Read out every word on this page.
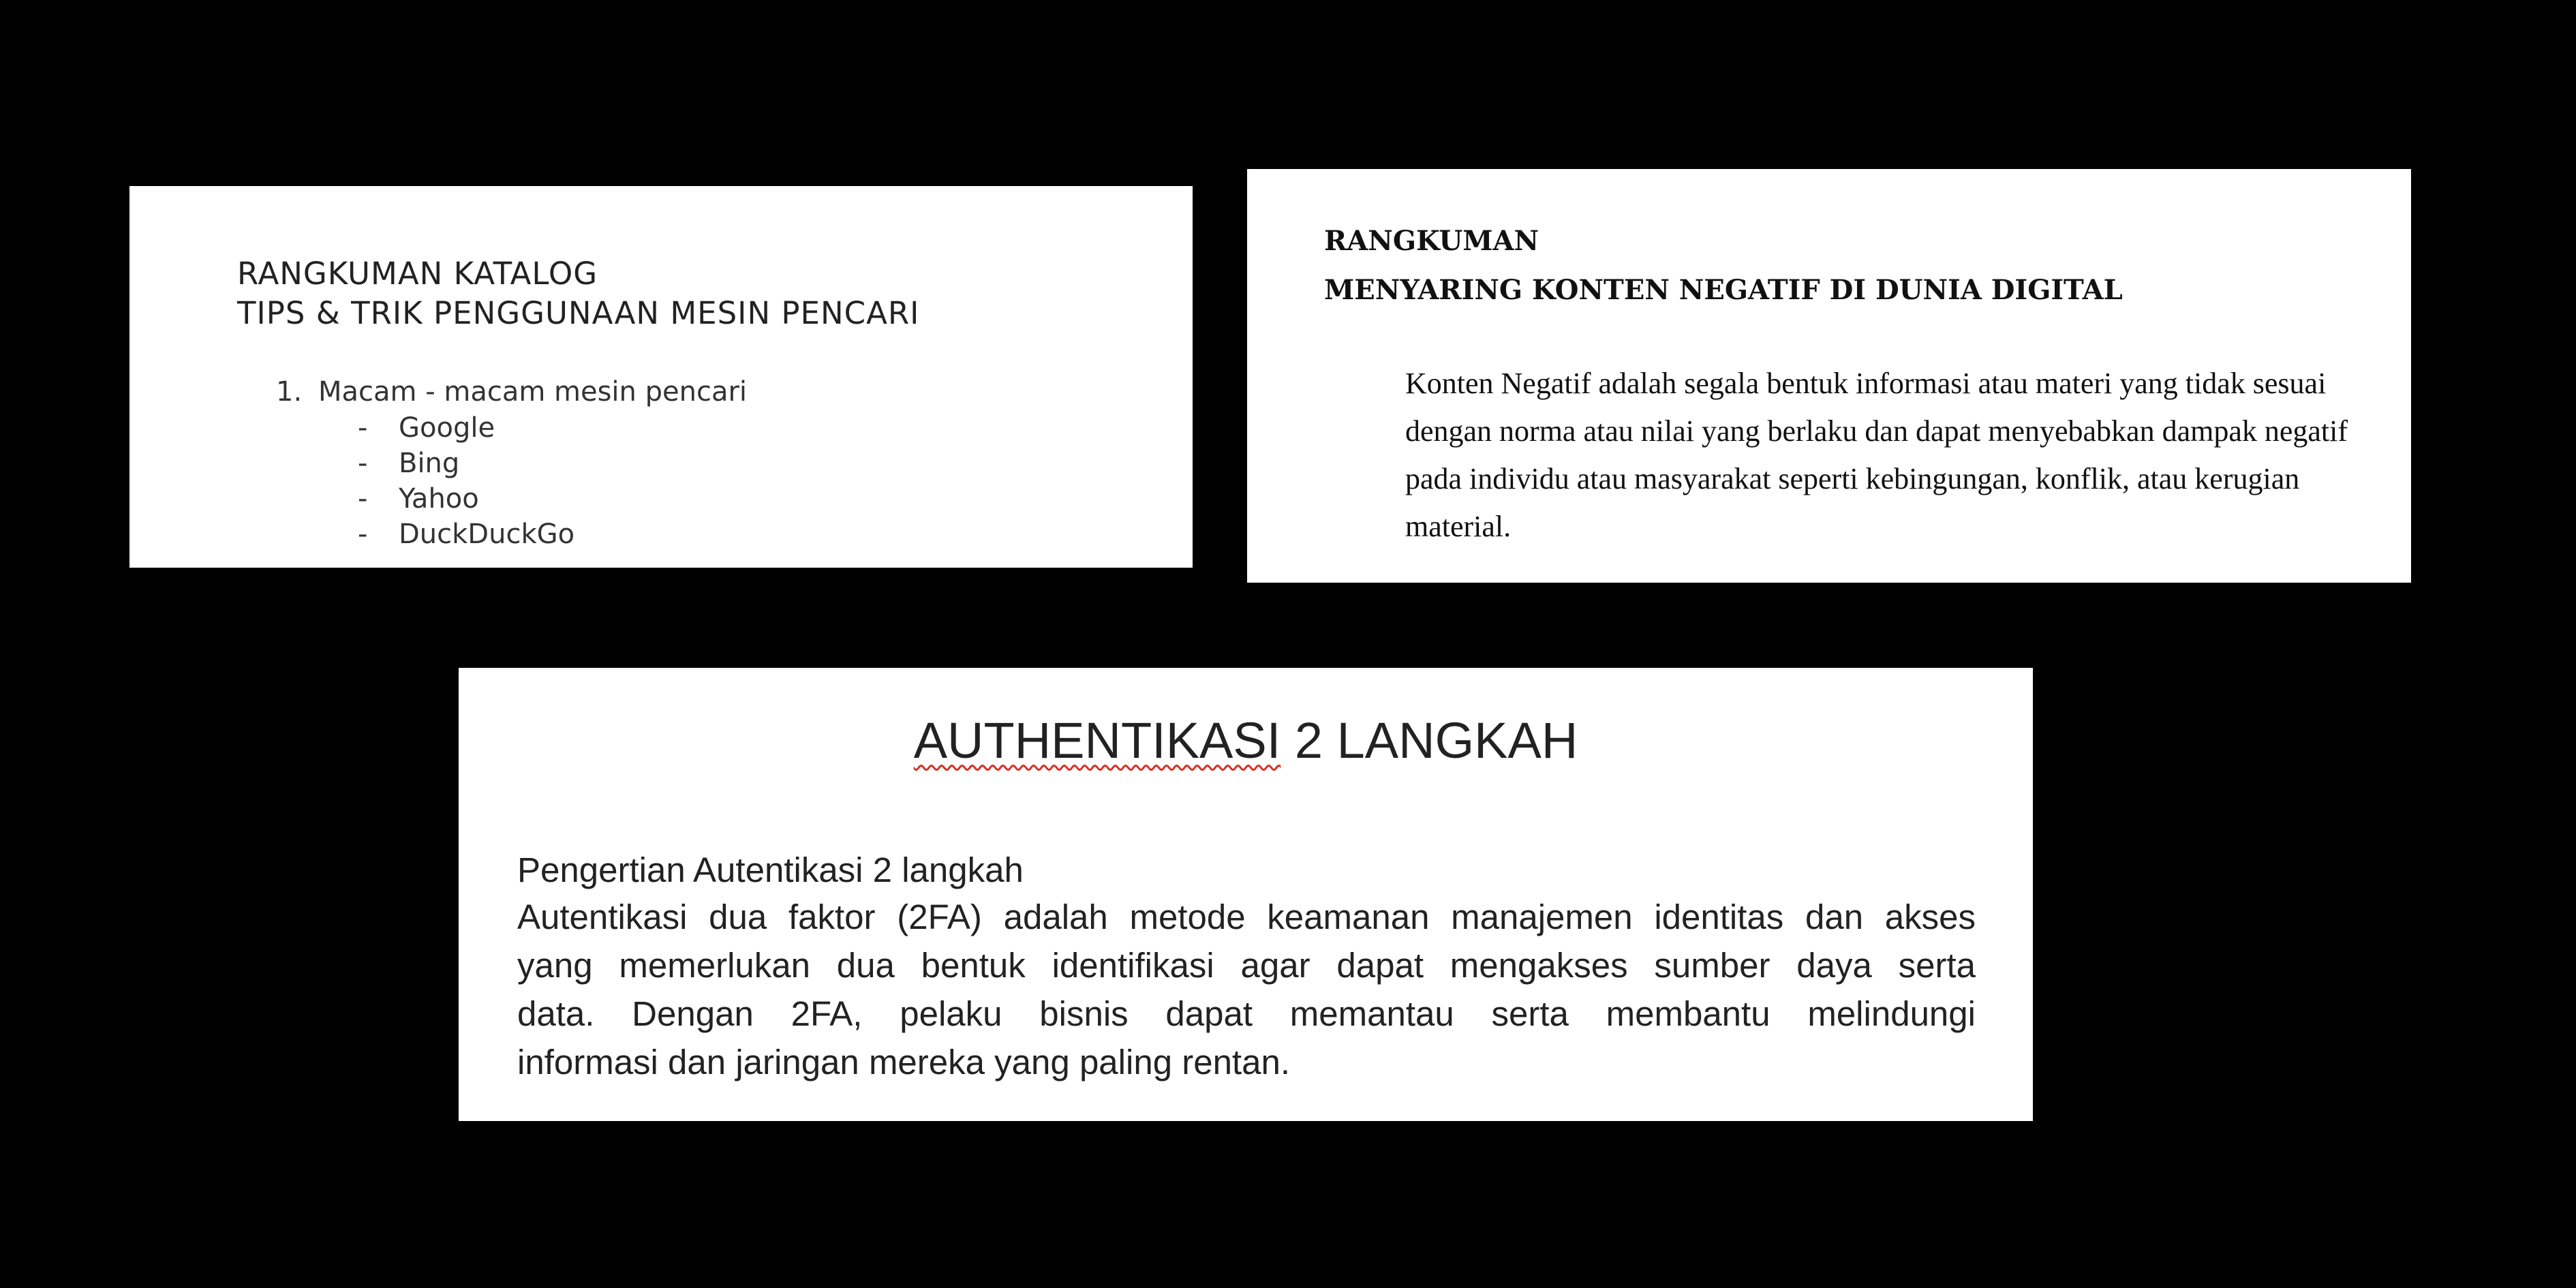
RANGKUMAN KATALOG
TIPS & TRIK PENGGUNAAN MESIN PENCARI
1. Macam - macam mesin pencari
- Google
- Bing
- Yahoo
- DuckDuckGo
RANGKUMAN
MENYARING KONTEN NEGATIF DI DUNIA DIGITAL
Konten Negatif adalah segala bentuk informasi atau materi yang tidak sesuai
dengan norma atau nilai yang berlaku dan dapat menyebabkan dampak negatif
pada individu atau masyarakat seperti kebingungan, konflik, atau kerugian
material.
AUTHENTIKASI 2 LANGKAH
Pengertian Autentikasi 2 langkah
Autentikasi dua faktor (2FA) adalah metode keamanan manajemen identitas dan akses
yang memerlukan dua bentuk identifikasi agar dapat mengakses sumber daya serta
data. Dengan 2FA, pelaku bisnis dapat memantau serta membantu melindungi
informasi dan jaringan mereka yang paling rentan.
